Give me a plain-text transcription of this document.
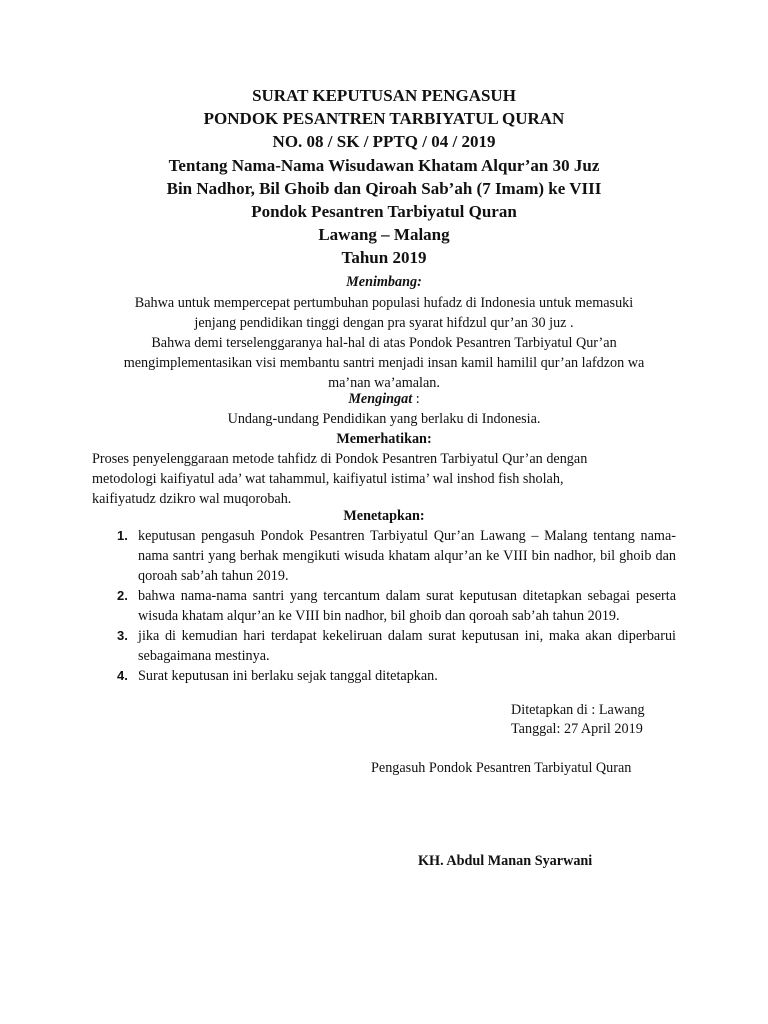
SURAT KEPUTUSAN PENGASUH
PONDOK PESANTREN TARBIYATUL QURAN
NO. 08 / SK / PPTQ / 04 / 2019
Tentang Nama-Nama Wisudawan Khatam Alqur’an 30 Juz
Bin Nadhor, Bil Ghoib dan Qiroah Sab’ah (7 Imam) ke VIII
Pondok Pesantren Tarbiyatul Quran
Lawang – Malang
Tahun 2019
Menimbang:
Bahwa untuk mempercepat pertumbuhan populasi hufadz di Indonesia untuk memasuki
jenjang pendidikan tinggi dengan pra syarat hifdzul qur’an 30 juz .
Bahwa demi terselenggaranya hal-hal di atas Pondok Pesantren Tarbiyatul Qur’an
mengimplementasikan visi membantu santri menjadi insan kamil hamilil qur’an lafdzon wa
ma’nan wa’amalan.
Mengingat :
Undang-undang Pendidikan yang berlaku di Indonesia.
Memerhatikan:
Proses penyelenggaraan metode tahfidz di Pondok Pesantren Tarbiyatul Qur’an dengan
metodologi kaifiyatul ada’ wat tahammul, kaifiyatul istima’ wal inshod fish sholah,
kaifiyatudz dzikro wal muqorobah.
Menetapkan:
1. keputusan pengasuh Pondok Pesantren Tarbiyatul Qur’an Lawang – Malang tentang nama-nama santri yang berhak mengikuti wisuda khatam alqur’an ke VIII bin nadhor, bil ghoib dan qoroah sab’ah tahun 2019.
2. bahwa nama-nama santri yang tercantum dalam surat keputusan ditetapkan sebagai peserta wisuda khatam alqur’an ke VIII bin nadhor, bil ghoib dan qoroah sab’ah tahun 2019.
3. jika di kemudian hari terdapat kekeliruan dalam surat keputusan ini, maka akan diperbarui sebagaimana mestinya.
4. Surat keputusan ini berlaku sejak tanggal ditetapkan.
Ditetapkan di : Lawang
Tanggal: 27 April 2019
Pengasuh Pondok Pesantren Tarbiyatul Quran
KH. Abdul Manan Syarwani
